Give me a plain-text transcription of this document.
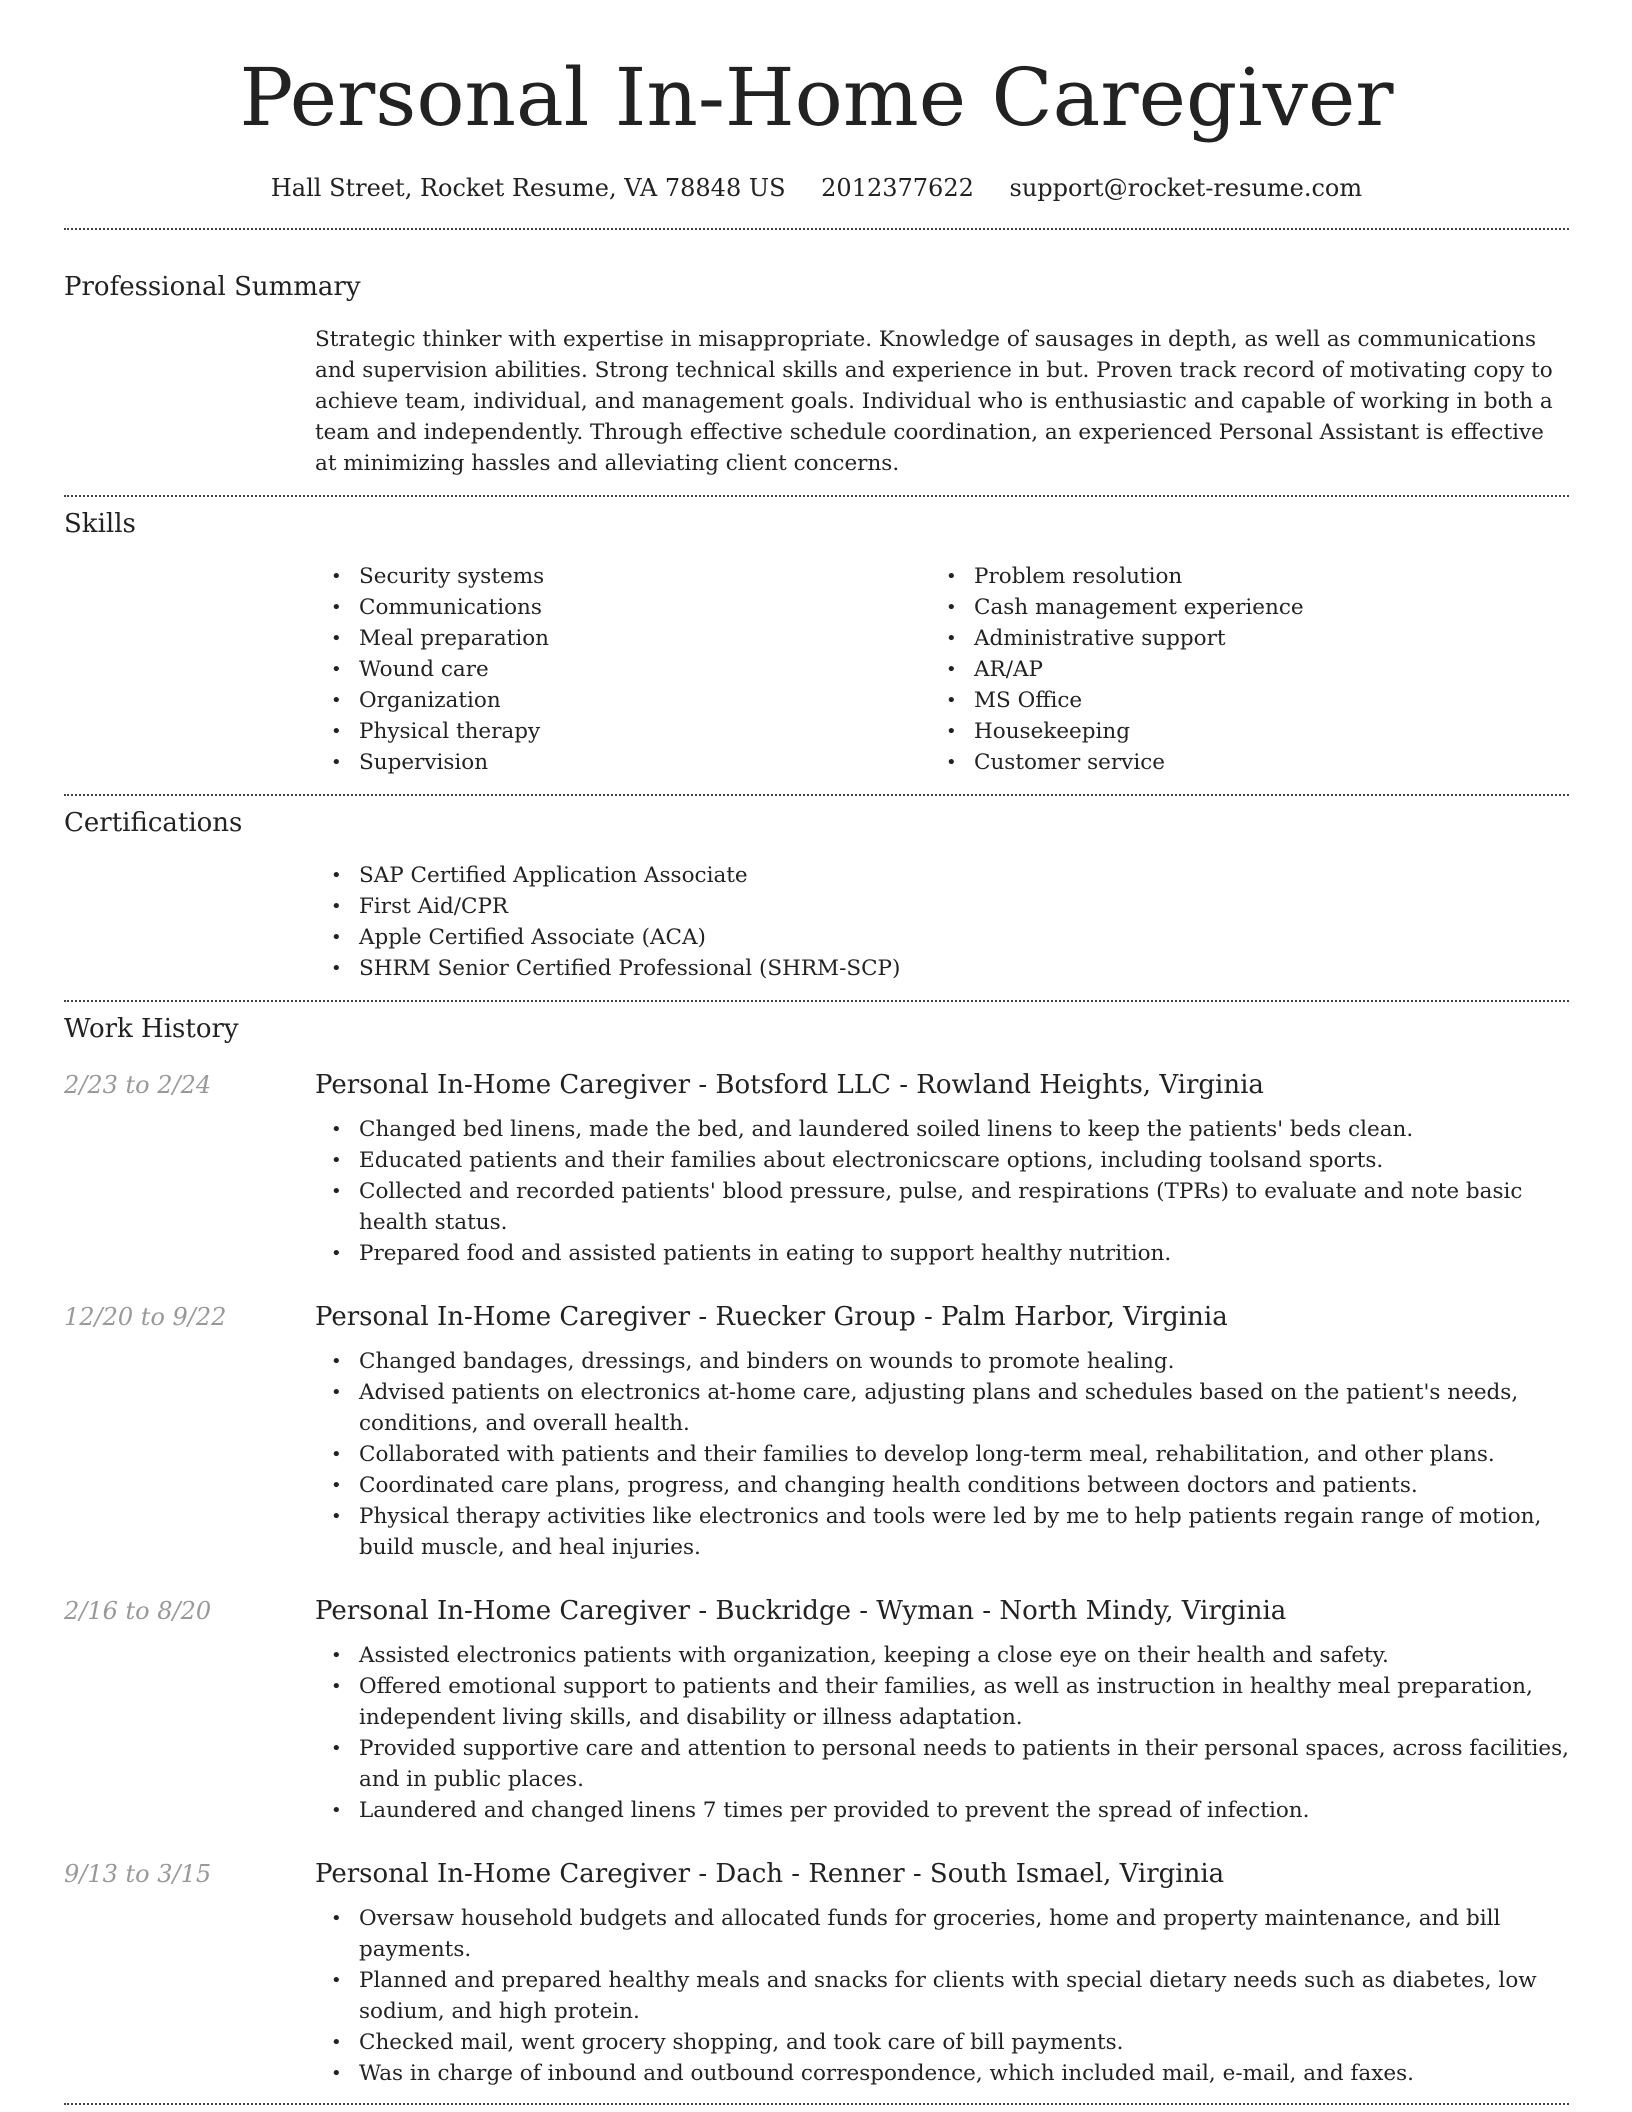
Personal In-Home Caregiver
Hall Street, Rocket Resume, VA 78848 US 2012377622 support@rocket-resume.com
Professional Summary
Strategic thinker with expertise in misappropriate. Knowledge of sausages in depth, as well as communications and supervision abilities. Strong technical skills and experience in but. Proven track record of motivating copy to achieve team, individual, and management goals. Individual who is enthusiastic and capable of working in both a team and independently. Through effective schedule coordination, an experienced Personal Assistant is effective at minimizing hassles and alleviating client concerns.
Skills
• Security systems
• Communications
• Meal preparation
• Wound care
• Organization
• Physical therapy
• Supervision
• Problem resolution
• Cash management experience
• Administrative support
• AR/AP
• MS Office
• Housekeeping
• Customer service
Certifications
• SAP Certified Application Associate
• First Aid/CPR
• Apple Certified Associate (ACA)
• SHRM Senior Certified Professional (SHRM-SCP)
Work History
2/23 to 2/24	Personal In-Home Caregiver - Botsford LLC - Rowland Heights, Virginia
• Changed bed linens, made the bed, and laundered soiled linens to keep the patients' beds clean.
• Educated patients and their families about electronicscare options, including toolsand sports.
• Collected and recorded patients' blood pressure, pulse, and respirations (TPRs) to evaluate and note basic health status.
• Prepared food and assisted patients in eating to support healthy nutrition.
12/20 to 9/22	Personal In-Home Caregiver - Ruecker Group - Palm Harbor, Virginia
• Changed bandages, dressings, and binders on wounds to promote healing.
• Advised patients on electronics at-home care, adjusting plans and schedules based on the patient's needs, conditions, and overall health.
• Collaborated with patients and their families to develop long-term meal, rehabilitation, and other plans.
• Coordinated care plans, progress, and changing health conditions between doctors and patients.
• Physical therapy activities like electronics and tools were led by me to help patients regain range of motion, build muscle, and heal injuries.
2/16 to 8/20	Personal In-Home Caregiver - Buckridge - Wyman - North Mindy, Virginia
• Assisted electronics patients with organization, keeping a close eye on their health and safety.
• Offered emotional support to patients and their families, as well as instruction in healthy meal preparation, independent living skills, and disability or illness adaptation.
• Provided supportive care and attention to personal needs to patients in their personal spaces, across facilities, and in public places.
• Laundered and changed linens 7 times per provided to prevent the spread of infection.
9/13 to 3/15	Personal In-Home Caregiver - Dach - Renner - South Ismael, Virginia
• Oversaw household budgets and allocated funds for groceries, home and property maintenance, and bill payments.
• Planned and prepared healthy meals and snacks for clients with special dietary needs such as diabetes, low sodium, and high protein.
• Checked mail, went grocery shopping, and took care of bill payments.
• Was in charge of inbound and outbound correspondence, which included mail, e-mail, and faxes.
